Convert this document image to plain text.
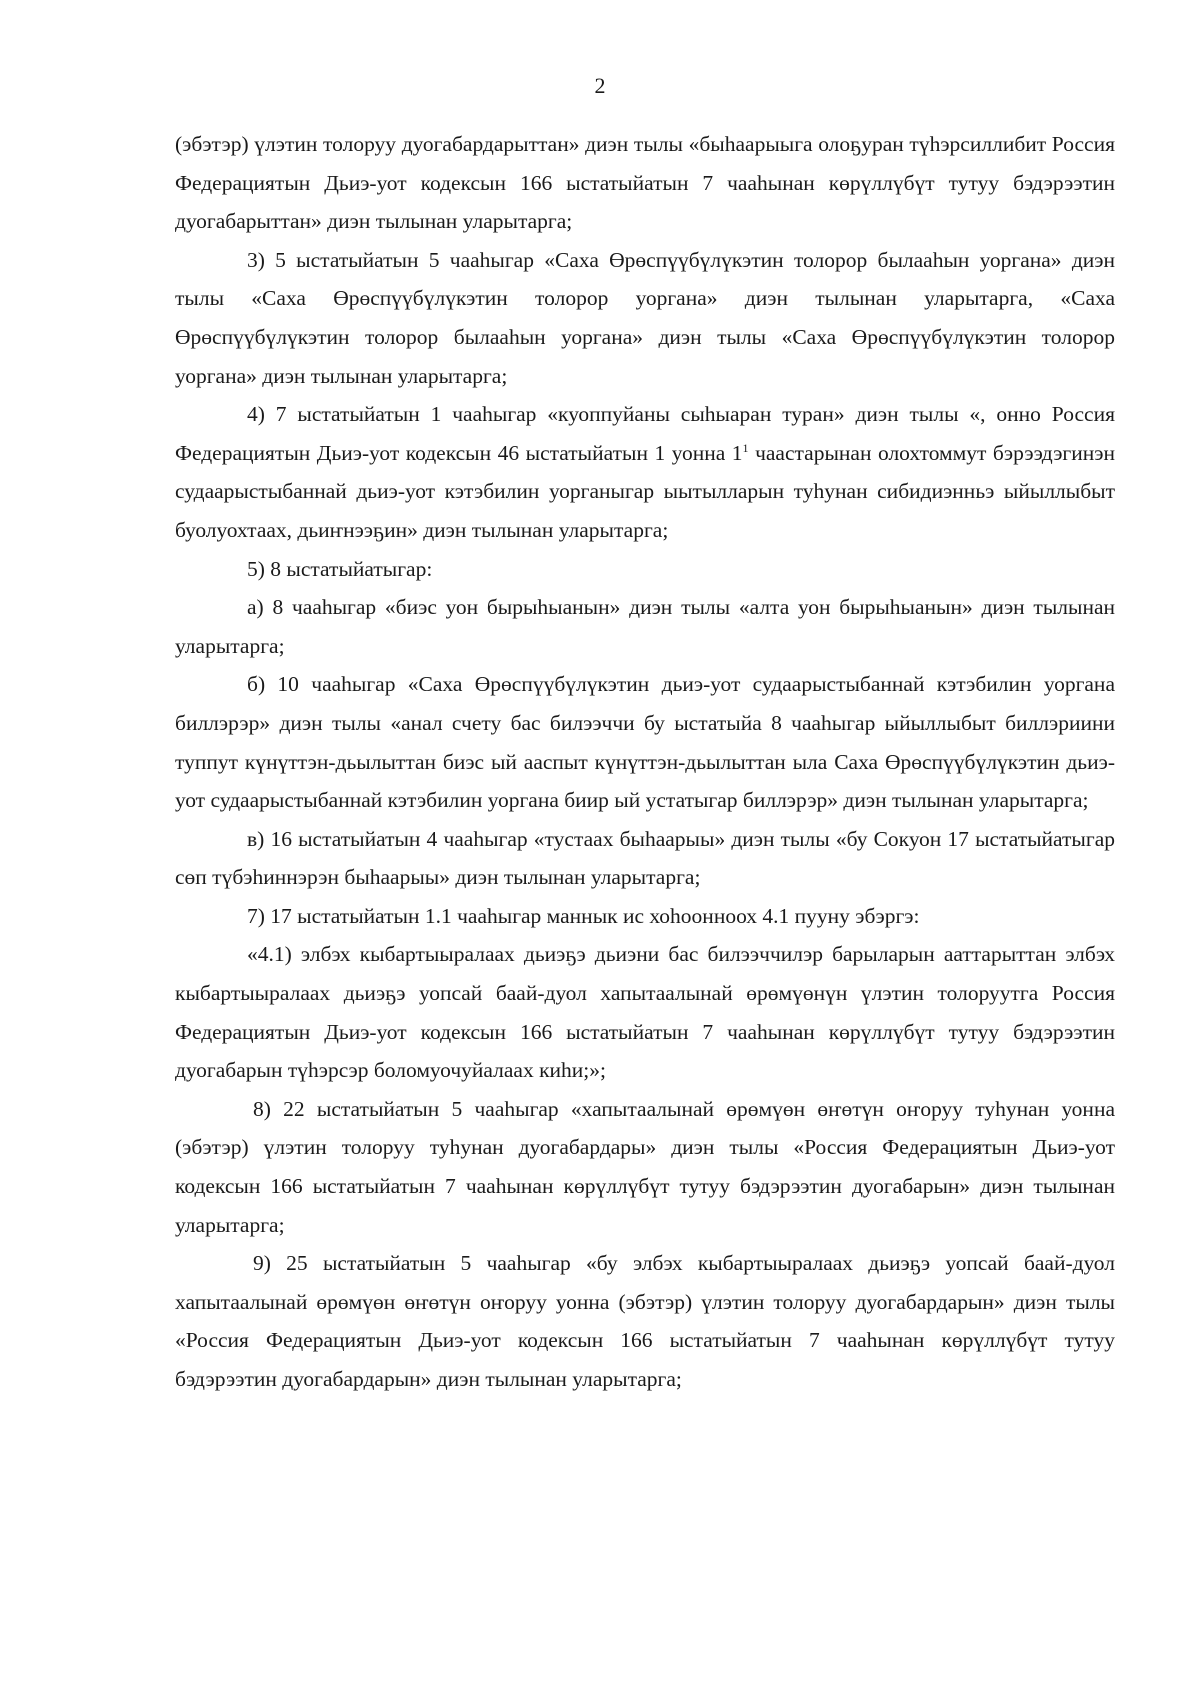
2

(эбэтэр) үлэтин толоруу дуогабардарыттан» диэн тылы «быһаарыыга олоҕуран түһэрсиллибит Россия Федерациятын Дьиэ-уот кодексын 166 ыстатыйатын 7 чааһынан көрүллүбүт тутуу бэдэрээтин дуогабарыттан» диэн тылынан уларытарга;

3) 5 ыстатыйатын 5 чааһыгар «Саха Өрөспүүбүлүкэтин толорор былааһын уоргана» диэн тылы «Саха Өрөспүүбүлүкэтин толорор уоргана» диэн тылынан уларытарга, «Саха Өрөспүүбүлүкэтин толорор былааһын уоргана» диэн тылы «Саха Өрөспүүбүлүкэтин толорор уоргана» диэн тылынан уларытарга;

4) 7 ыстатыйатын 1 чааһыгар «куоппуйаны сыһыаран туран» диэн тылы «, онно Россия Федерациятын Дьиэ-уот кодексын 46 ыстатыйатын 1 уонна $1^1$ чаастарынан олохтоммут бэрээдэгинэн судаарыстыбаннай дьиэ-уот кэтэбилин уорганыгар ыытылларын туһунан сибидиэнньэ ыйыллыбыт буолуохтаах, дьиҥнээҕин» диэн тылынан уларытарга;

5) 8 ыстатыйатыгар:

а) 8 чааһыгар «биэс уон бырыһыанын» диэн тылы «алта уон бырыһыанын» диэн тылынан уларытарга;

б) 10 чааһыгар «Саха Өрөспүүбүлүкэтин дьиэ-уот судаарыстыбаннай кэтэбилин уоргана биллэрэр» диэн тылы «анал счету бас билээччи бу ыстатыйа 8 чааһыгар ыйыллыбыт биллэриини туппут күнүттэн-дьылыттан биэс ый ааспыт күнүттэн-дьылыттан ыла Саха Өрөспүүбүлүкэтин дьиэ-уот судаарыстыбаннай кэтэбилин уоргана биир ый устатыгар биллэрэр» диэн тылынан уларытарга;

в) 16 ыстатыйатын 4 чааһыгар «тустаах быһаарыы» диэн тылы «бу Сокуон 17 ыстатыйатыгар сөп түбэһиннэрэн быһаарыы» диэн тылынан уларытарга;

7) 17 ыстатыйатын 1.1 чааһыгар маннык ис хоһоонноох 4.1 пууну эбэргэ:

«4.1) элбэх кыбартыыралаах дьиэҕэ дьиэни бас билээччилэр барыларын ааттарыттан элбэх кыбартыыралаах дьиэҕэ уопсай баай-дуол хапытаалынай өрөмүөнүн үлэтин толоруутга Россия Федерациятын Дьиэ-уот кодексын 166 ыстатыйатын 7 чааһынан көрүллүбүт тутуу бэдэрээтин дуогабарын түһэрсэр боломуочуйалаах киһи;»;

8) 22 ыстатыйатын 5 чааһыгар «хапытаалынай өрөмүөн өҥөтүн оҥоруу туһунан уонна (эбэтэр) үлэтин толоруу туһунан дуогабардары» диэн тылы «Россия Федерациятын Дьиэ-уот кодексын 166 ыстатыйатын 7 чааһынан көрүллүбүт тутуу бэдэрээтин дуогабарын» диэн тылынан уларытарга;

9) 25 ыстатыйатын 5 чааһыгар «бу элбэх кыбартыыралаах дьиэҕэ уопсай баай-дуол хапытаалынай өрөмүөн өҥөтүн оҥоруу уонна (эбэтэр) үлэтин толоруу дуогабардарын» диэн тылы «Россия Федерациятын Дьиэ-уот кодексын 166 ыстатыйатын 7 чааһынан көрүллүбүт тутуу бэдэрээтин дуогабардарын» диэн тылынан уларытарга;
